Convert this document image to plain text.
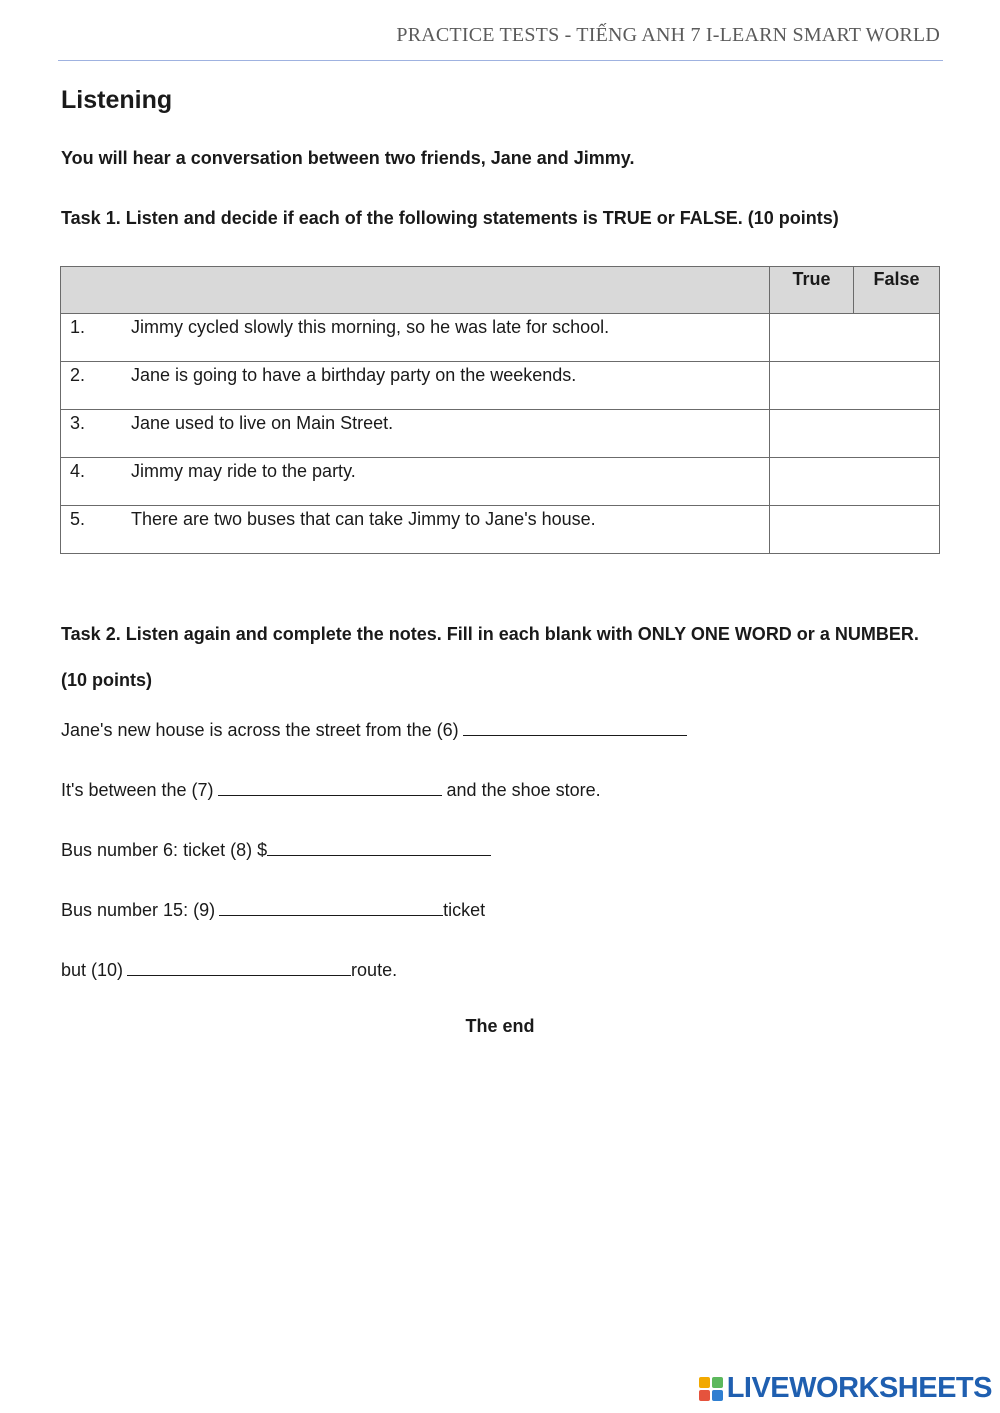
PRACTICE TESTS - TIẾNG ANH 7 I-LEARN SMART WORLD
Listening

You will hear a conversation between two friends, Jane and Jimmy.

Task 1. Listen and decide if each of the following statements is TRUE or FALSE. (10 points)

	True	False

1. Jimmy cycled slowly this morning, so he was late for school.		

2. Jane is going to have a birthday party on the weekends.		

3. Jane used to live on Main Street.		

4. Jimmy may ride to the party.		

5. There are two buses that can take Jimmy to Jane's house.		

Task 2. Listen again and complete the notes. Fill in each blank with ONLY ONE WORD or a NUMBER. (10 points)

Jane's new house is across the street from the (6)
It's between the (7)	and the shoe store.
Bus number 6: ticket (8) $
Bus number 15: (9)	ticket
but (10)	route.
The end
LIVEWORKSHEETS
